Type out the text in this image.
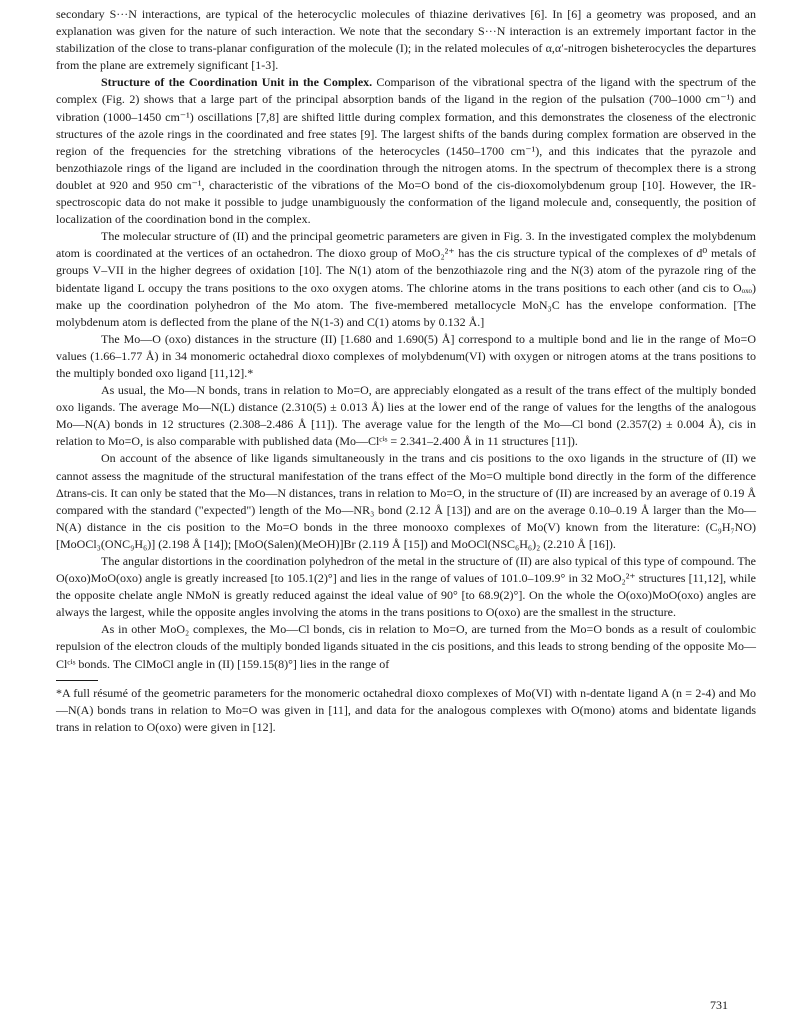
secondary S···N interactions, are typical of the heterocyclic molecules of thiazine derivatives [6]. In [6] a geometry was proposed, and an explanation was given for the nature of such interaction. We note that the secondary S···N interaction is an extremely important factor in the stabilization of the close to trans-planar configuration of the molecule (I); in the related molecules of α,α′-nitrogen bisheterocycles the departures from the plane are extremely significant [1-3].

Structure of the Coordination Unit in the Complex. Comparison of the vibrational spectra of the ligand with the spectrum of the complex (Fig. 2) shows that a large part of the principal absorption bands of the ligand in the region of the pulsation (700–1000 cm⁻¹) and vibration (1000–1450 cm⁻¹) oscillations [7,8] are shifted little during complex formation, and this demonstrates the closeness of the electronic structures of the azole rings in the coordinated and free states [9]. The largest shifts of the bands during complex formation are observed in the region of the frequencies for the stretching vibrations of the heterocycles (1450–1700 cm⁻¹), and this indicates that the pyrazole and benzothiazole rings of the ligand are included in the coordination through the nitrogen atoms. In the spectrum of thecomplex there is a strong doublet at 920 and 950 cm⁻¹, characteristic of the vibrations of the Mo=O bond of the cis-dioxomolybdenum group [10]. However, the IR-spectroscopic data do not make it possible to judge unambiguously the conformation of the ligand molecule and, consequently, the position of localization of the coordination bond in the complex.

The molecular structure of (II) and the principal geometric parameters are given in Fig. 3. In the investigated complex the molybdenum atom is coordinated at the vertices of an octahedron. The dioxo group of MoO₂²⁺ has the cis structure typical of the complexes of d⁰ metals of groups V–VII in the higher degrees of oxidation [10]. The N(1) atom of the benzothiazole ring and the N(3) atom of the pyrazole ring of the bidentate ligand L occupy the trans positions to the oxo oxygen atoms. The chlorine atoms in the trans positions to each other (and cis to Oₒₓₒ) make up the coordination polyhedron of the Mo atom. The five-membered metallocycle MoN₃C has the envelope conformation. [The molybdenum atom is deflected from the plane of the N(1-3) and C(1) atoms by 0.132 Å.]

The Mo—O (oxo) distances in the structure (II) [1.680 and 1.690(5) Å] correspond to a multiple bond and lie in the range of Mo=O values (1.66–1.77 Å) in 34 monomeric octahedral dioxo complexes of molybdenum(VI) with oxygen or nitrogen atoms at the trans positions to the multiply bonded oxo ligand [11,12].*

As usual, the Mo—N bonds, trans in relation to Mo=O, are appreciably elongated as a result of the trans effect of the multiply bonded oxo ligands. The average Mo—N(L) distance (2.310(5) ± 0.013 Å) lies at the lower end of the range of values for the lengths of the analogous Mo—N(A) bonds in 12 structures (2.308–2.486 Å [11]). The average value for the length of the Mo—Cl bond (2.357(2) ± 0.004 Å), cis in relation to Mo=O, is also comparable with published data (Mo—Clᶜⁱˢ = 2.341–2.400 Å in 11 structures [11]).

On account of the absence of like ligands simultaneously in the trans and cis positions to the oxo ligands in the structure of (II) we cannot assess the magnitude of the structural manifestation of the trans effect of the Mo=O multiple bond directly in the form of the difference Δtrans-cis. It can only be stated that the Mo—N distances, trans in relation to Mo=O, in the structure of (II) are increased by an average of 0.19 Å compared with the standard ("expected") length of the Mo—NR₃ bond (2.12 Å [13]) and are on the average 0.10–0.19 Å larger than the Mo—N(A) distance in the cis position to the Mo=O bonds in the three monooxo complexes of Mo(V) known from the literature: (C₉H₇NO)[MoOCl₃(ONC₉H₆)] (2.198 Å [14]); [MoO(Salen)(MeOH)]Br (2.119 Å [15]) and MoOCl(NSC₆H₆)₂ (2.210 Å [16]).

The angular distortions in the coordination polyhedron of the metal in the structure of (II) are also typical of this type of compound. The O(oxo)MoO(oxo) angle is greatly increased [to 105.1(2)°] and lies in the range of values of 101.0–109.9° in 32 MoO₂²⁺ structures [11,12], while the opposite chelate angle NMoN is greatly reduced against the ideal value of 90° [to 68.9(2)°]. On the whole the O(oxo)MoO(oxo) angles are always the largest, while the opposite angles involving the atoms in the trans positions to O(oxo) are the smallest in the structure.

As in other MoO₂ complexes, the Mo—Cl bonds, cis in relation to Mo=O, are turned from the Mo=O bonds as a result of coulombic repulsion of the electron clouds of the multiply bonded ligands situated in the cis positions, and this leads to strong bending of the opposite Mo—Clᶜⁱˢ bonds. The ClMoCl angle in (II) [159.15(8)°] lies in the range of

*A full résumé of the geometric parameters for the monomeric octahedral dioxo complexes of Mo(VI) with n-dentate ligand A (n = 2-4) and Mo—N(A) bonds trans in relation to Mo=O was given in [11], and data for the analogous complexes with O(mono) atoms and bidentate ligands trans in relation to O(oxo) were given in [12].

731
